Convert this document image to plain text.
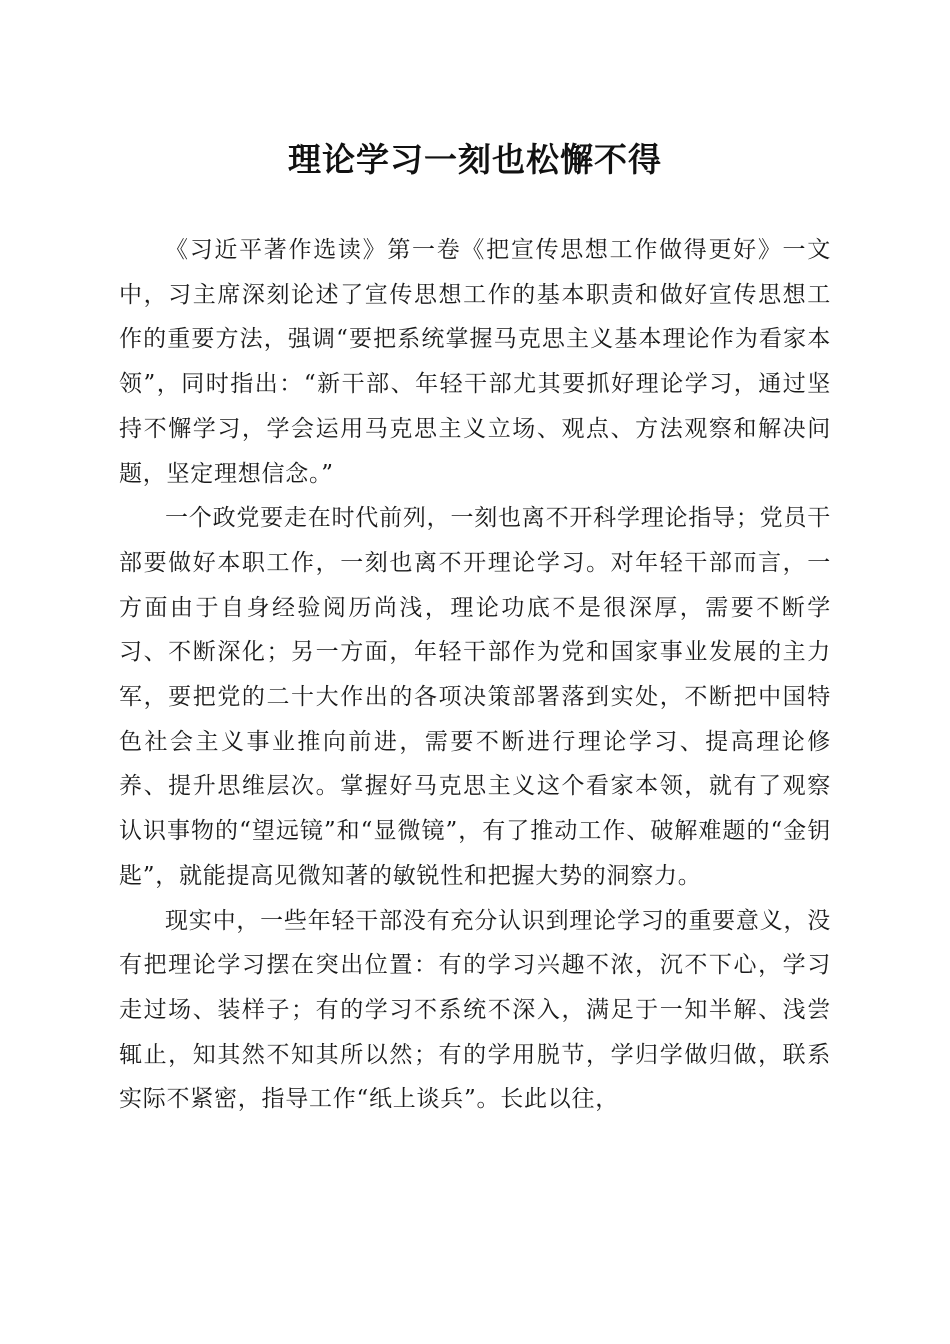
理论学习一刻也松懈不得

《习近平著作选读》第一卷《把宣传思想工作做得更好》一文中，习主席深刻论述了宣传思想工作的基本职责和做好宣传思想工作的重要方法，强调“要把系统掌握马克思主义基本理论作为看家本领”，同时指出：“新干部、年轻干部尤其要抓好理论学习，通过坚持不懈学习，学会运用马克思主义立场、观点、方法观察和解决问题，坚定理想信念。”

一个政党要走在时代前列，一刻也离不开科学理论指导；党员干部要做好本职工作，一刻也离不开理论学习。对年轻干部而言，一方面由于自身经验阅历尚浅，理论功底不是很深厚，需要不断学习、不断深化；另一方面，年轻干部作为党和国家事业发展的主力军，要把党的二十大作出的各项决策部署落到实处，不断把中国特色社会主义事业推向前进，需要不断进行理论学习、提高理论修养、提升思维层次。掌握好马克思主义这个看家本领，就有了观察认识事物的“望远镜”和“显微镜”，有了推动工作、破解难题的“金钥匙”，就能提高见微知著的敏锐性和把握大势的洞察力。

现实中，一些年轻干部没有充分认识到理论学习的重要意义，没有把理论学习摆在突出位置：有的学习兴趣不浓，沉不下心，学习走过场、装样子；有的学习不系统不深入，满足于一知半解、浅尝辄止，知其然不知其所以然；有的学用脱节，学归学做归做，联系实际不紧密，指导工作“纸上谈兵”。长此以往，
